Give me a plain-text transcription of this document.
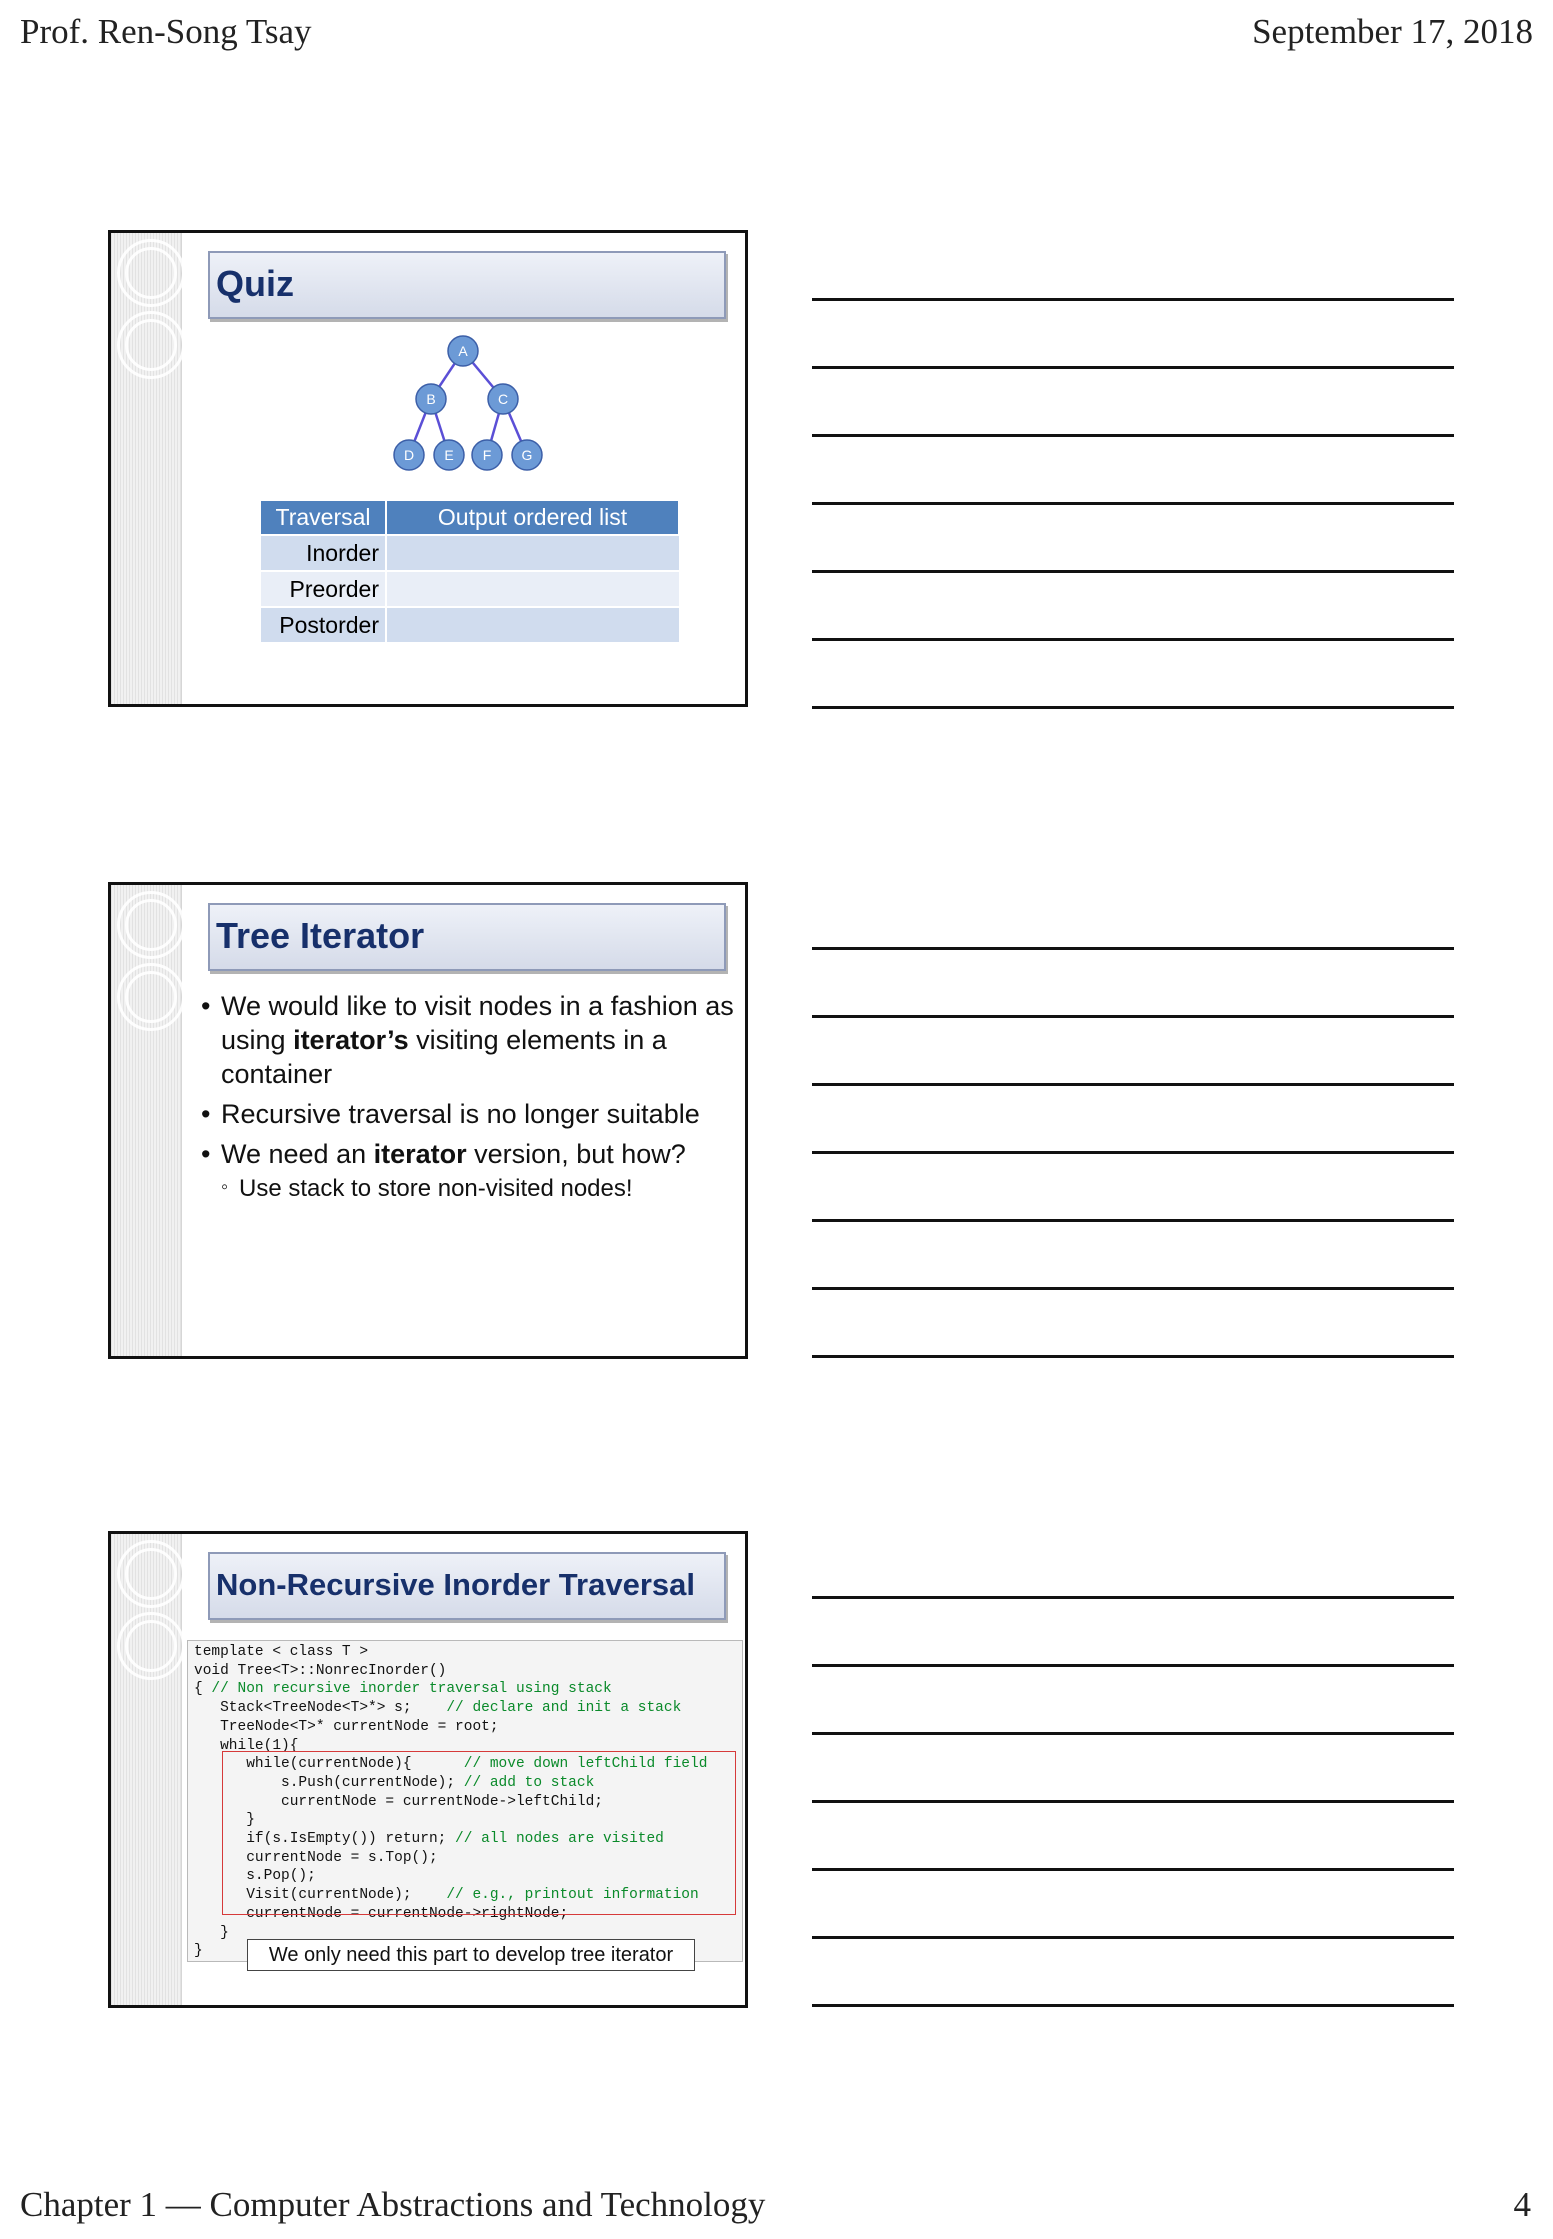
Prof. Ren-Song Tsay	September 17, 2018
Quiz
A
B	C
D E F G
Traversal	Output ordered list
Inorder	
Preorder	
Postorder	
Tree Iterator
• We would like to visit nodes in a fashion as using iterator’s visiting elements in a container
• Recursive traversal is no longer suitable
• We need an iterator version, but how?
◦ Use stack to store non-visited nodes!
Non-Recursive Inorder Traversal
template < class T >
void Tree<T>::NonrecInorder()
{ // Non recursive inorder traversal using stack
Stack<TreeNode<T>*> s;    // declare and init a stack
TreeNode<T>* currentNode = root;
while(1){
while(currentNode){      // move down leftChild field
s.Push(currentNode); // add to stack
currentNode = currentNode->leftChild;
}
if(s.IsEmpty()) return; // all nodes are visited
currentNode = s.Top();
s.Pop();
Visit(currentNode);    // e.g., printout information
currentNode = currentNode->rightNode;
}
}	We only need this part to develop tree iterator
Chapter 1 — Computer Abstractions and Technology	4
